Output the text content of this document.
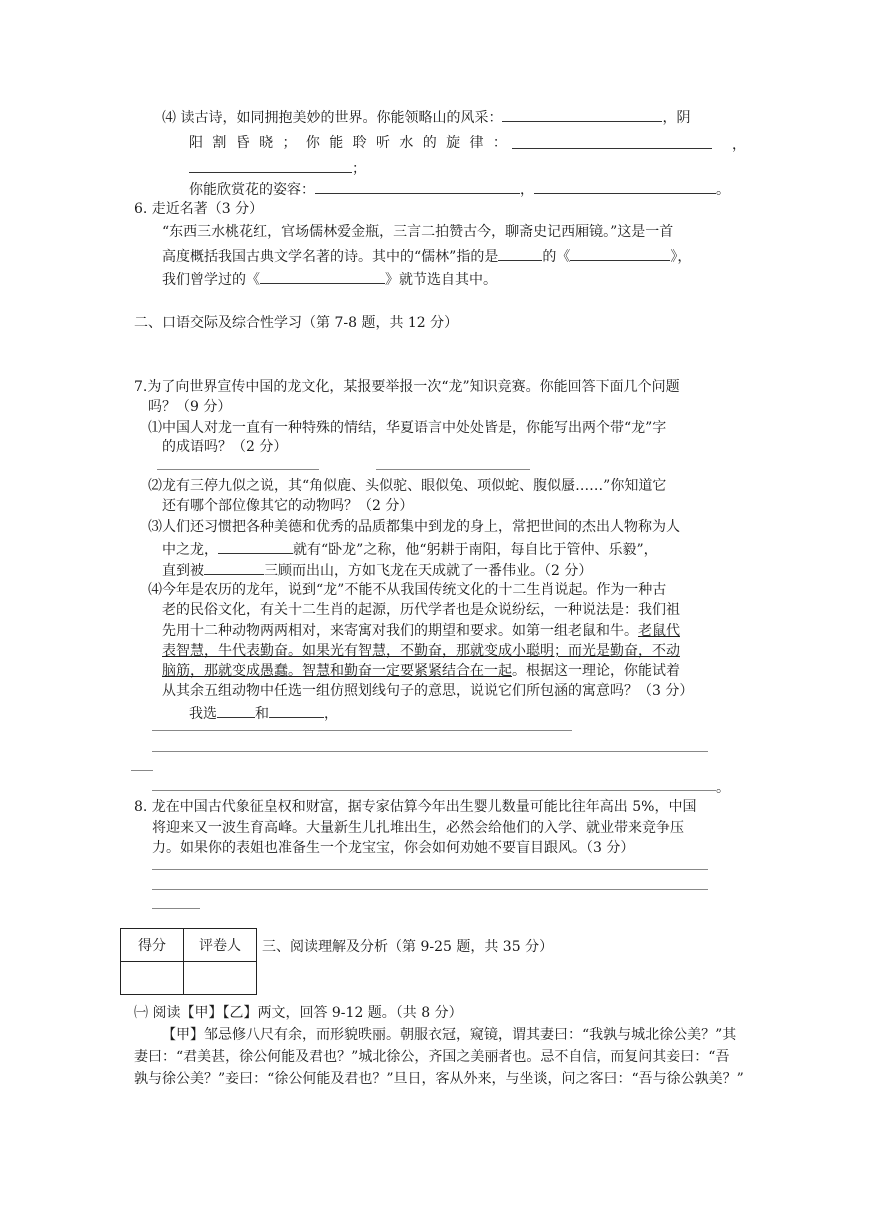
⑷ 读古诗，如同拥抱美妙的世界。你能领略山的风采：	，阴
阳 割 昏 晓 ； 你 能 聆 听 水 的 旋 律 ：	，
；
你能欣赏花的姿容：	，	。
6. 走近名著（3 分）
“东西三水桃花红，官场儒林爱金瓶，三言二拍赞古今，聊斋史记西厢镜。”这是一首
高度概括我国古典文学名著的诗。其中的“儒林”指的是	的《	》，
我们曾学过的《	》就节选自其中。
二、口语交际及综合性学习（第 7-8 题，共 12 分）
7.为了向世界宣传中国的龙文化，某报要举报一次“龙”知识竞赛。你能回答下面几个问题
吗？（9 分）
⑴中国人对龙一直有一种特殊的情结，华夏语言中处处皆是，你能写出两个带“龙”字
的成语吗？（2 分）
⑵龙有三停九似之说，其“角似鹿、头似驼、眼似兔、项似蛇、腹似蜃……”你知道它
还有哪个部位像其它的动物吗？（2 分）
⑶人们还习惯把各种美德和优秀的品质都集中到龙的身上，常把世间的杰出人物称为人
中之龙，	就有“卧龙”之称，他“躬耕于南阳，每自比于管仲、乐毅”，
直到被	三顾而出山，方如飞龙在天成就了一番伟业。（2 分）
⑷今年是农历的龙年，说到“龙”不能不从我国传统文化的十二生肖说起。作为一种古
老的民俗文化，有关十二生肖的起源，历代学者也是众说纷纭，一种说法是：我们祖
先用十二种动物两两相对，来寄寓对我们的期望和要求。如第一组老鼠和牛。老鼠代
表智慧，牛代表勤奋。如果光有智慧，不勤奋，那就变成小聪明；而光是勤奋，不动
脑筋，那就变成愚蠢。智慧和勤奋一定要紧紧结合在一起。根据这一理论，你能试着
从其余五组动物中任选一组仿照划线句子的意思，说说它们所包涵的寓意吗？（3 分）
我选	和	，
。
8. 龙在中国古代象征皇权和财富，据专家估算今年出生婴儿数量可能比往年高出 5%，中国
将迎来又一波生育高峰。大量新生儿扎堆出生，必然会给他们的入学、就业带来竞争压
力。如果你的表姐也准备生一个龙宝宝，你会如何劝她不要盲目跟风。（3 分）
得分	评卷人
	三、阅读理解及分析（第 9-25 题，共 35 分）
㈠ 阅读【甲】【乙】两文，回答 9-12 题。（共 8 分）
【甲】邹忌修八尺有余，而形貌昳丽。朝服衣冠，窥镜，谓其妻曰：“我孰与城北徐公美？”其
妻曰：“君美甚，徐公何能及君也？”城北徐公，齐国之美丽者也。忌不自信，而复问其妾曰：“吾
孰与徐公美？”妾曰：“徐公何能及君也？”旦日，客从外来，与坐谈，问之客曰：“吾与徐公孰美？”
